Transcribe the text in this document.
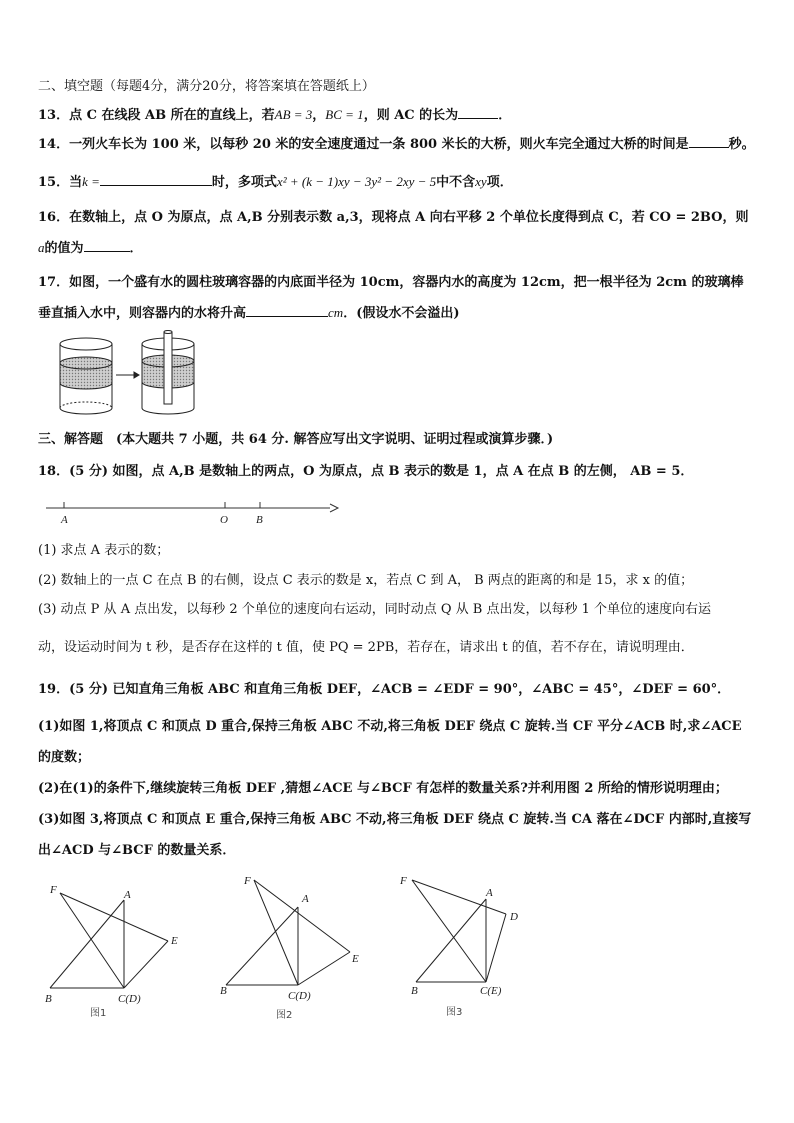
二、填空题（每题4分，满分20分，将答案填在答题纸上）
13．点 C 在线段 AB 所在的直线上，若AB = 3，BC = 1，则 AC 的长为	．
14．一列火车长为 100 米，以每秒 20 米的安全速度通过一条 800 米长的大桥，则火车完全通过大桥的时间是	秒。
15．当k =	时，多项式x² + (k − 1)xy − 3y² − 2xy − 5中不含xy项．
16．在数轴上，点 O 为原点，点 A,B 分别表示数 a,3，现将点 A 向右平移 2 个单位长度得到点 C，若 CO = 2BO，则
a的值为	．
17．如图，一个盛有水的圆柱玻璃容器的内底面半径为 10cm，容器内水的高度为 12cm，把一根半径为 2cm 的玻璃棒
垂直插入水中，则容器内的水将升高	cm．(假设水不会溢出)
三、解答题　(本大题共 7 小题，共 64 分. 解答应写出文字说明、证明过程或演算步骤．)
18．(5 分) 如图，点 A,B 是数轴上的两点，O 为原点，点 B 表示的数是 1，点 A 在点 B 的左侧， AB = 5．
A	O	B
(1) 求点 A 表示的数；
(2) 数轴上的一点 C 在点 B 的右侧，设点 C 表示的数是 x，若点 C 到 A， B 两点的距离的和是 15，求 x 的值；
(3) 动点 P 从 A 点出发，以每秒 2 个单位的速度向右运动，同时动点 Q 从 B 点出发，以每秒 1 个单位的速度向右运
动，设运动时间为 t 秒，是否存在这样的 t 值，使 PQ = 2PB，若存在，请求出 t 的值，若不存在，请说明理由．
19．(5 分) 已知直角三角板 ABC 和直角三角板 DEF，∠ACB = ∠EDF = 90°，∠ABC = 45°，∠DEF = 60°．
(1)如图 1,将顶点 C 和顶点 D 重合,保持三角板 ABC 不动,将三角板 DEF 绕点 C 旋转.当 CF 平分∠ACB 时,求∠ACE
的度数；
(2)在(1)的条件下,继续旋转三角板 DEF ,猜想∠ACE 与∠BCF 有怎样的数量关系?并利用图 2 所给的情形说明理由；
(3)如图 3,将顶点 C 和顶点 E 重合,保持三角板 ABC 不动,将三角板 DEF 绕点 C 旋转.当 CA 落在∠DCF 内部时,直接写
出∠ACD 与∠BCF 的数量关系．
F	A
E
B	C(D)
图1
F
A
E
B	C(D)
图2
F
A
D
B	C(E)
图3
